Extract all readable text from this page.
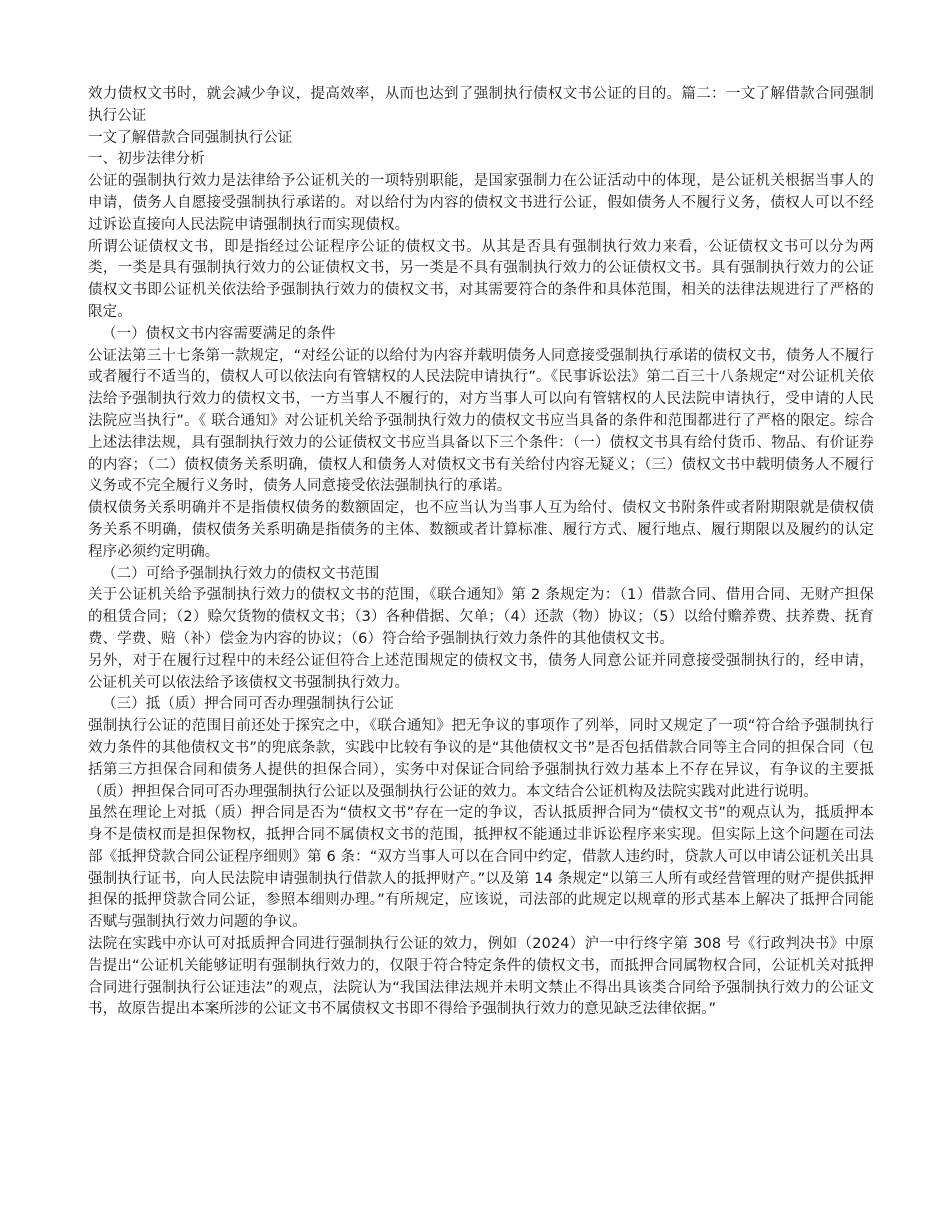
效力债权文书时，就会减少争议，提高效率，从而也达到了强制执行债权文书公证的目的。篇二：一文了解借款合同强制执行公证

一文了解借款合同强制执行公证

一、初步法律分析

公证的强制执行效力是法律给予公证机关的一项特别职能，是国家强制力在公证活动中的体现，是公证机关根据当事人的申请，债务人自愿接受强制执行承诺的。对以给付为内容的债权文书进行公证，假如债务人不履行义务，债权人可以不经过诉讼直接向人民法院申请强制执行而实现债权。

所谓公证债权文书，即是指经过公证程序公证的债权文书。从其是否具有强制执行效力来看，公证债权文书可以分为两类，一类是具有强制执行效力的公证债权文书，另一类是不具有强制执行效力的公证债权文书。具有强制执行效力的公证债权文书即公证机关依法给予强制执行效力的债权文书，对其需要符合的条件和具体范围，相关的法律法规进行了严格的限定。

（一）债权文书内容需要满足的条件

公证法第三十七条第一款规定，“对经公证的以给付为内容并载明债务人同意接受强制执行承诺的债权文书，债务人不履行或者履行不适当的，债权人可以依法向有管辖权的人民法院申请执行”。《民事诉讼法》第二百三十八条规定“对公证机关依法给予强制执行效力的债权文书，一方当事人不履行的，对方当事人可以向有管辖权的人民法院申请执行，受申请的人民法院应当执行”。《 联合通知》对公证机关给予强制执行效力的债权文书应当具备的条件和范围都进行了严格的限定。综合上述法律法规，具有强制执行效力的公证债权文书应当具备以下三个条件：（一）债权文书具有给付货币、物品、有价证券的内容；（二）债权债务关系明确，债权人和债务人对债权文书有关给付内容无疑义；（三）债权文书中载明债务人不履行义务或不完全履行义务时，债务人同意接受依法强制执行的承诺。

债权债务关系明确并不是指债权债务的数额固定，也不应当认为当事人互为给付、债权文书附条件或者附期限就是债权债务关系不明确，债权债务关系明确是指债务的主体、数额或者计算标准、履行方式、履行地点、履行期限以及履约的认定程序必须约定明确。

（二）可给予强制执行效力的债权文书范围

关于公证机关给予强制执行效力的债权文书的范围，《联合通知》第 2 条规定为：（1）借款合同、借用合同、无财产担保的租赁合同；（2）赊欠货物的债权文书；（3）各种借据、欠单；（4）还款（物）协议；（5）以给付赡养费、扶养费、抚育费、学费、赔（补）偿金为内容的协议；（6）符合给予强制执行效力条件的其他债权文书。

另外，对于在履行过程中的未经公证但符合上述范围规定的债权文书，债务人同意公证并同意接受强制执行的，经申请，公证机关可以依法给予该债权文书强制执行效力。

（三）抵（质）押合同可否办理强制执行公证

强制执行公证的范围目前还处于探究之中，《联合通知》把无争议的事项作了列举，同时又规定了一项“符合给予强制执行效力条件的其他债权文书”的兜底条款，实践中比较有争议的是“其他债权文书”是否包括借款合同等主合同的担保合同（包括第三方担保合同和债务人提供的担保合同），实务中对保证合同给予强制执行效力基本上不存在异议，有争议的主要抵（质）押担保合同可否办理强制执行公证以及强制执行公证的效力。本文结合公证机构及法院实践对此进行说明。

虽然在理论上对抵（质）押合同是否为“债权文书”存在一定的争议，否认抵质押合同为“债权文书”的观点认为，抵质押本身不是债权而是担保物权，抵押合同不属债权文书的范围，抵押权不能通过非诉讼程序来实现。但实际上这个问题在司法部《抵押贷款合同公证程序细则》第 6 条：“双方当事人可以在合同中约定，借款人违约时，贷款人可以申请公证机关出具强制执行证书，向人民法院申请强制执行借款人的抵押财产。”以及第 14 条规定“以第三人所有或经营管理的财产提供抵押担保的抵押贷款合同公证，参照本细则办理。”有所规定，应该说，司法部的此规定以规章的形式基本上解决了抵押合同能否赋与强制执行效力问题的争议。

法院在实践中亦认可对抵质押合同进行强制执行公证的效力，例如（2024）沪一中行终字第 308 号《行政判决书》中原告提出“公证机关能够证明有强制执行效力的，仅限于符合特定条件的债权文书，而抵押合同属物权合同，公证机关对抵押合同进行强制执行公证违法”的观点，法院认为“我国法律法规并未明文禁止不得出具该类合同给予强制执行效力的公证文书，故原告提出本案所涉的公证文书不属债权文书即不得给予强制执行效力的意见缺乏法律依据。”
